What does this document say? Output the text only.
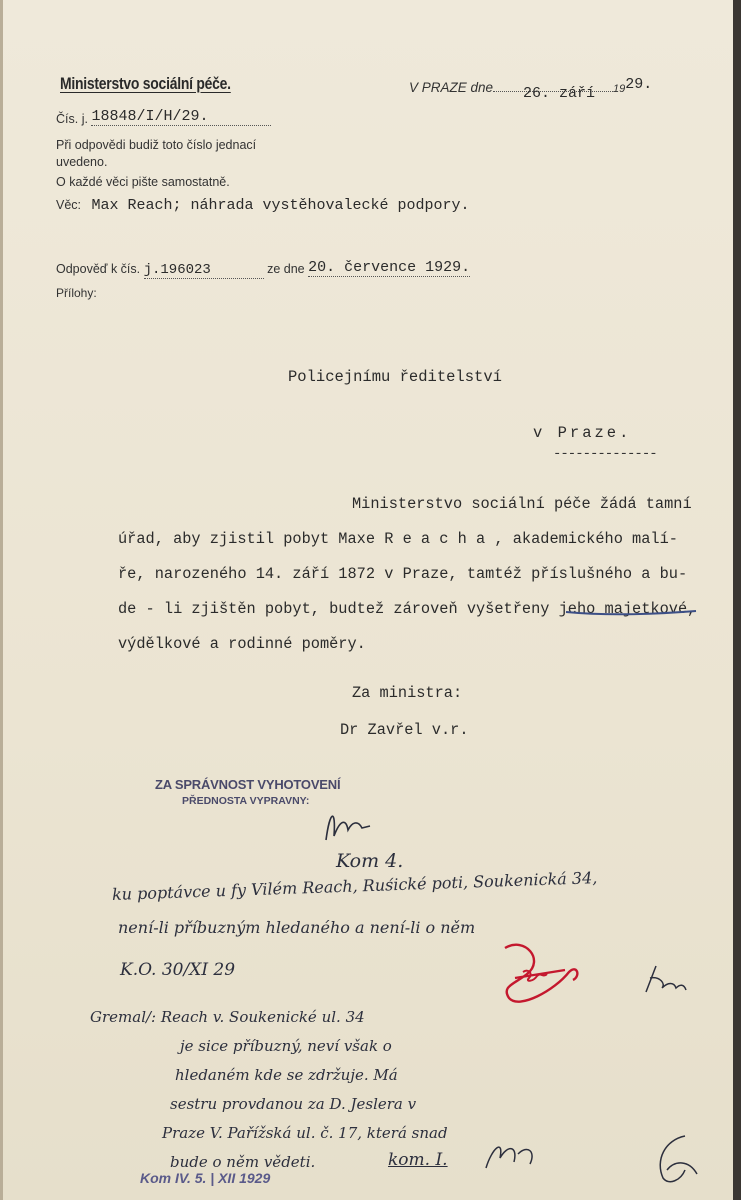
Ministerstvo sociální péče.	V PRAZE dne 26. září 1929.
Čís. j. 18848/I/H/29.
Při odpovědi budiž toto číslo jednací
uvedeno.
O každé věci pište samostatně.
Věc: Max Reach; náhrada vystěhovalecké podpory.
Odpověď k čís. j.196023	ze dne 20. července 1929.
Přílohy:
Policejnímu ředitelství
v Praze.
--------------
Ministerstvo sociální péče žádá tamní
úřad, aby zjistil pobyt Maxe R e a c h a , akademického malí-
ře, narozeného 14. září 1872 v Praze, tamtéž příslušného a bu-
de - li zjištěn pobyt, budtež zároveň vyšetřeny jeho majetkové,
výdělkové a rodinné poměry.
Za ministra:
Dr Zavřel v.r.
ZA SPRÁVNOST VYHOTOVENÍ
PŘEDNOSTA VYPRAVNY:
Kom 4.
ku poptávce u fy Vilém Reach, Ruśické poti, Soukenická 34,
není-li příbuzným hledaného a není-li o něm
K.O. 30/XI 29
Gremal/: Reach v. Soukenické ul. 34
je sice příbuzný, neví však o
hledaném kde se zdržuje. Má
sestru provdanou za D. Jeslera v
Praze V. Pařížská ul. č. 17, která snad
bude o něm vědeti.	kom. I.
Kom IV. 5. | XII 1929
